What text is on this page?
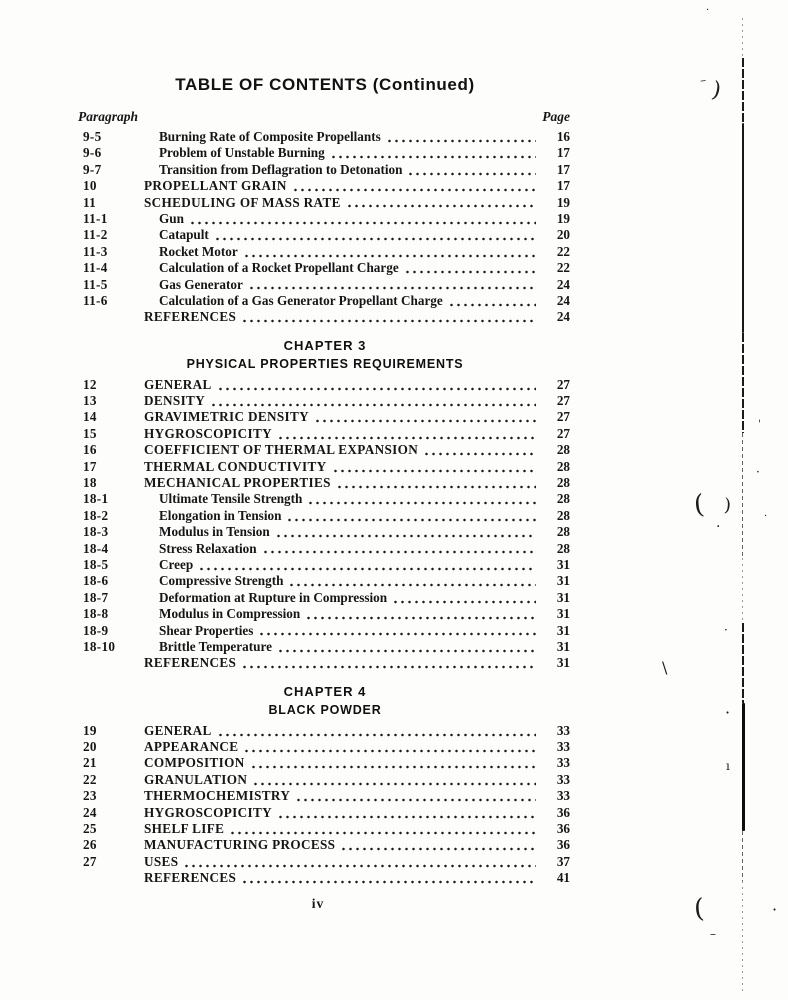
TABLE OF CONTENTS (Continued)
Paragraph	Page
9-5	Burning Rate of Composite Propellants	16
9-6	Problem of Unstable Burning	17
9-7	Transition from Deflagration to Detonation	17
10	PROPELLANT GRAIN	17
11	SCHEDULING OF MASS RATE	19
11-1	Gun	19
11-2	Catapult	20
11-3	Rocket Motor	22
11-4	Calculation of a Rocket Propellant Charge	22
11-5	Gas Generator	24
11-6	Calculation of a Gas Generator Propellant Charge	24
REFERENCES	24
CHAPTER 3
PHYSICAL PROPERTIES REQUIREMENTS
12	GENERAL	27
13	DENSITY	27
14	GRAVIMETRIC DENSITY	27
15	HYGROSCOPICITY	27
16	COEFFICIENT OF THERMAL EXPANSION	28
17	THERMAL CONDUCTIVITY	28
18	MECHANICAL PROPERTIES	28
18-1	Ultimate Tensile Strength	28
18-2	Elongation in Tension	28
18-3	Modulus in Tension	28
18-4	Stress Relaxation	28
18-5	Creep	31
18-6	Compressive Strength	31
18-7	Deformation at Rupture in Compression	31
18-8	Modulus in Compression	31
18-9	Shear Properties	31
18-10	Brittle Temperature	31
REFERENCES	31
CHAPTER 4
BLACK POWDER
19	GENERAL	33
20	APPEARANCE	33
21	COMPOSITION	33
22	GRANULATION	33
23	THERMOCHEMISTRY	33
24	HYGROSCOPICITY	36
25	SHELF LIFE	36
26	MANUFACTURING PROCESS	36
27	USES	37
REFERENCES	41
iv
·
– )
'
·
( )
·
·
·
\
·
ı
(	·
–
